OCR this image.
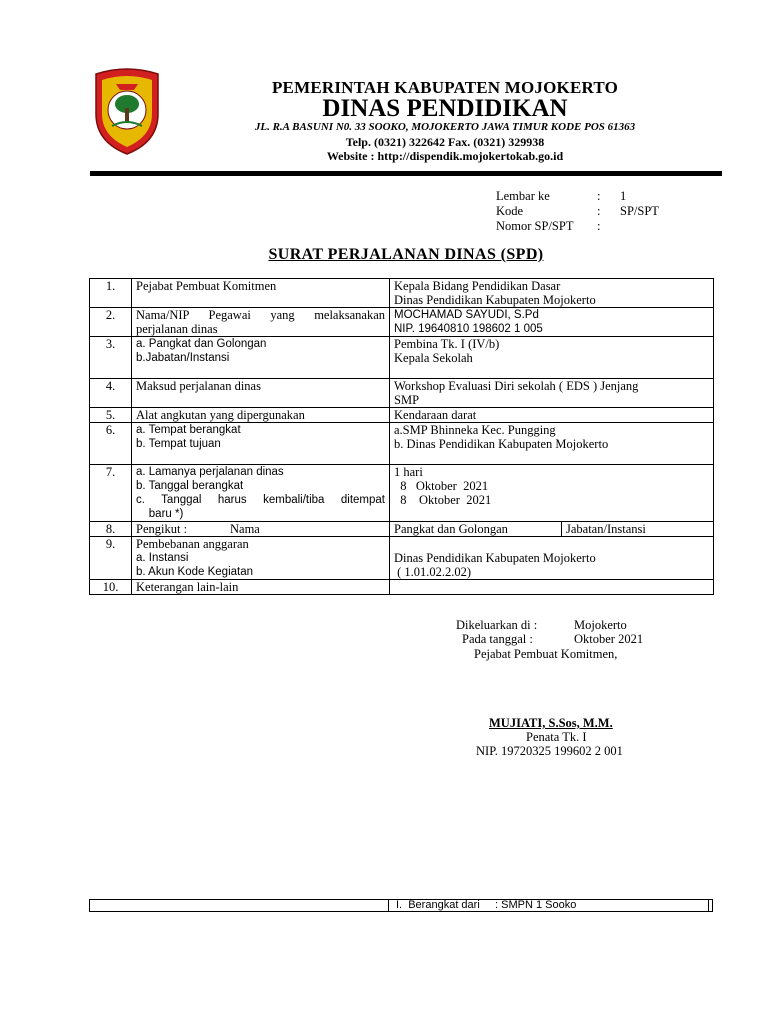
PEMERINTAH KABUPATEN MOJOKERTO
DINAS PENDIDIKAN
JL. R.A BASUNI N0. 33 SOOKO, MOJOKERTO JAWA TIMUR KODE POS 61363
Telp. (0321) 322642 Fax. (0321) 329938
Website : http://dispendik.mojokertokab.go.id
Lembar ke	: 1
Kode	: SP/SPT
Nomor SP/SPT :
SURAT PERJALANAN DINAS (SPD)
1.	Pejabat Pembuat Komitmen	Kepala Bidang Pendidikan Dasar
Dinas Pendidikan Kabupaten Mojokerto	

2.	Nama/NIP Pegawai yang melaksanakan
perjalanan dinas	MOCHAMAD SAYUDI, S.Pd
NIP. 19640810 198602 1 005	

3.	a. Pangkat dan Golongan
b.Jabatan/Instansi	Pembina Tk. I (IV/b)
Kepala Sekolah	

4.	Maksud perjalanan dinas	Workshop Evaluasi Diri sekolah ( EDS ) Jenjang
SMP	

5.	Alat angkutan yang dipergunakan	Kendaraan darat	

6.	a. Tempat berangkat
b. Tempat tujuan	a.SMP Bhinneka Kec. Pungging
b. Dinas Pendidikan Kabupaten Mojokerto	

7.	a. Lamanya perjalanan dinas
b. Tanggal berangkat
c. Tanggal harus kembali/tiba ditempat
baru *)	1 hari
8   Oktober  2021
8    Oktober  2021	

8.	Pengikut : Nama	Pangkat dan Golongan	Jabatan/Instansi

9.	Pembebanan anggaran
a. Instansi
b. Akun Kode Kegiatan	Dinas Pendidikan Kabupaten Mojokerto
( 1.01.02.2.02)	

10.	Keterangan lain-lain		

Dikeluarkan di :	Mojokerto
Pada tanggal :	Oktober 2021
Pejabat Pembuat Komitmen,
MUJIATI, S.Sos, M.M.
Penata Tk. I
NIP. 19720325 199602 2 001
I.  Berangkat dari     : SMPN 1 Sooko
